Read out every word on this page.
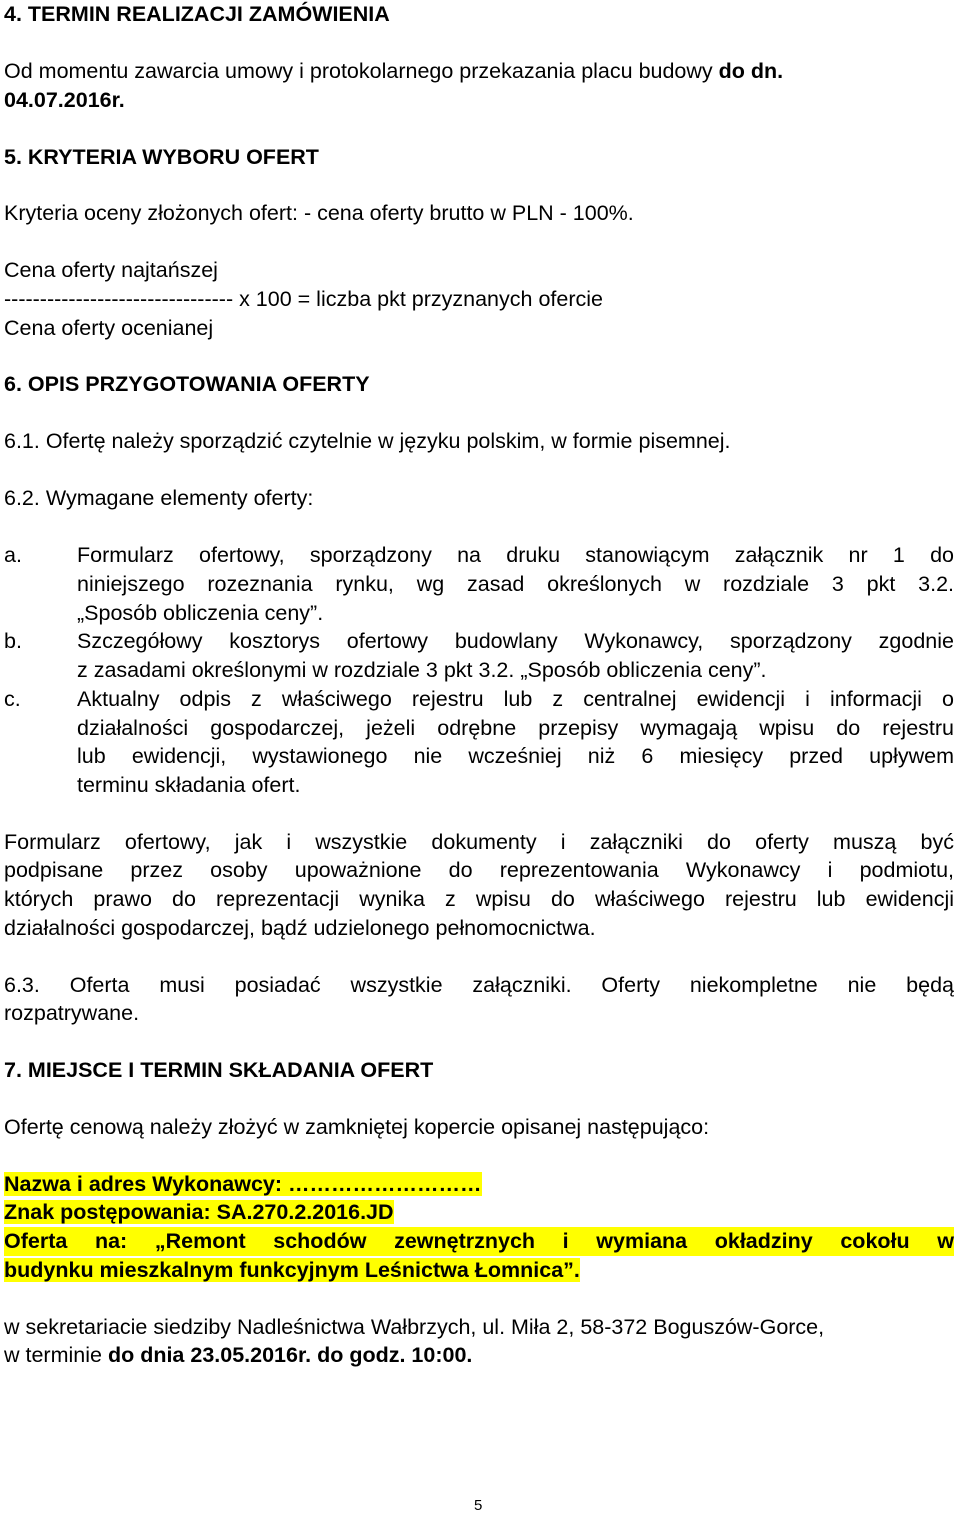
4. TERMIN REALIZACJI ZAMÓWIENIA
Od momentu zawarcia umowy i protokolarnego przekazania placu budowy do dn.
04.07.2016r.
5. KRYTERIA WYBORU OFERT
Kryteria oceny złożonych ofert: - cena oferty brutto w PLN - 100%.
Cena oferty najtańszej
-------------------------------- x 100 = liczba pkt przyznanych ofercie
Cena oferty ocenianej
6. OPIS PRZYGOTOWANIA OFERTY
6.1. Ofertę należy sporządzić czytelnie w języku polskim, w formie pisemnej.
6.2. Wymagane elementy oferty:
a.	Formularz ofertowy, sporządzony na druku stanowiącym załącznik nr 1 do
niniejszego rozeznania rynku, wg zasad określonych w rozdziale 3 pkt 3.2.
„Sposób obliczenia ceny”.
b.	Szczegółowy kosztorys ofertowy budowlany Wykonawcy, sporządzony zgodnie
z zasadami określonymi w rozdziale 3 pkt 3.2. „Sposób obliczenia ceny”.
c.	Aktualny odpis z właściwego rejestru lub z centralnej ewidencji i informacji o
działalności gospodarczej, jeżeli odrębne przepisy wymagają wpisu do rejestru
lub ewidencji, wystawionego nie wcześniej niż 6 miesięcy przed upływem
terminu składania ofert.
Formularz ofertowy, jak i wszystkie dokumenty i załączniki do oferty muszą być
podpisane przez osoby upoważnione do reprezentowania Wykonawcy i podmiotu,
których prawo do reprezentacji wynika z wpisu do właściwego rejestru lub ewidencji
działalności gospodarczej, bądź udzielonego pełnomocnictwa.
6.3. Oferta musi posiadać wszystkie załączniki. Oferty niekompletne nie będą
rozpatrywane.
7. MIEJSCE I TERMIN SKŁADANIA OFERT
Ofertę cenową należy złożyć w zamkniętej kopercie opisanej następująco:
Nazwa i adres Wykonawcy: ………………………
Znak postępowania: SA.270.2.2016.JD
Oferta na: „Remont schodów zewnętrznych i wymiana okładziny cokołu w
budynku mieszkalnym funkcyjnym Leśnictwa Łomnica”.
w sekretariacie siedziby Nadleśnictwa Wałbrzych, ul. Miła 2, 58-372 Boguszów-Gorce,
w terminie do dnia 23.05.2016r. do godz. 10:00.
5
